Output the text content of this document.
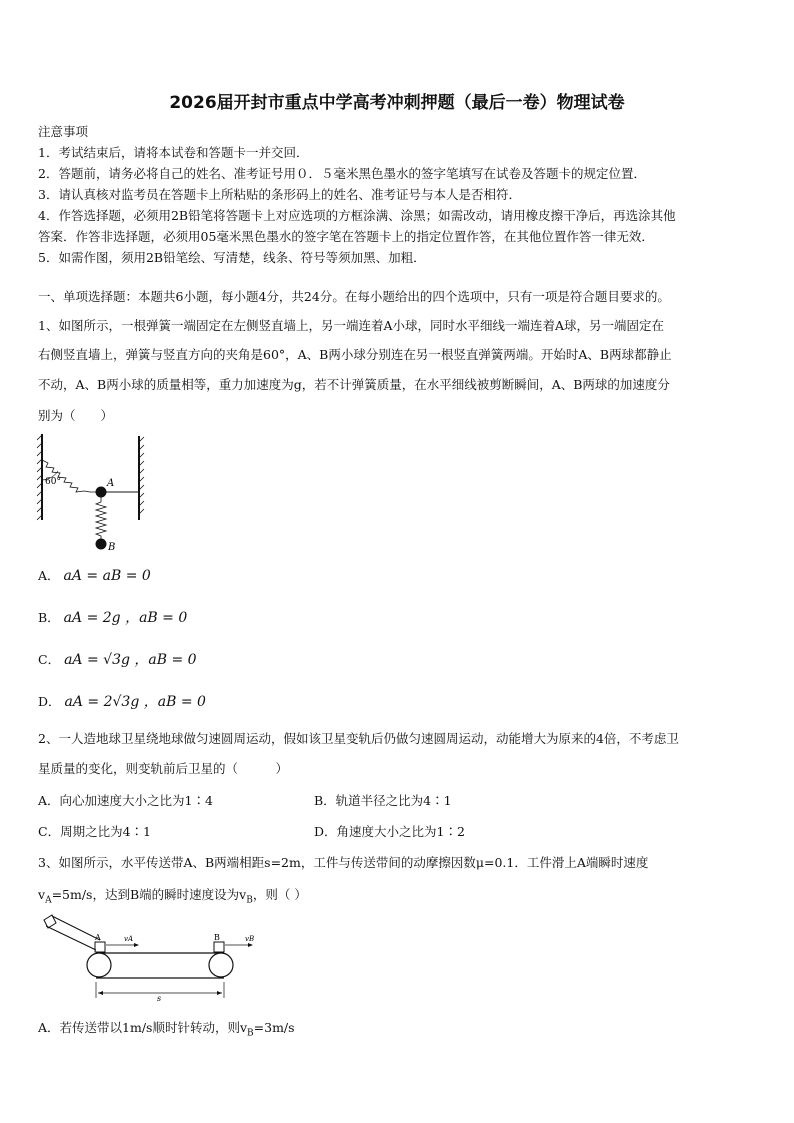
2026届开封市重点中学高考冲刺押题（最后一卷）物理试卷
注意事项
1．考试结束后，请将本试卷和答题卡一并交回．
2．答题前，请务必将自己的姓名、准考证号用０．５毫米黑色墨水的签字笔填写在试卷及答题卡的规定位置．
3．请认真核对监考员在答题卡上所粘贴的条形码上的姓名、准考证号与本人是否相符．
4．作答选择题，必须用2B铅笔将答题卡上对应选项的方框涂满、涂黑；如需改动，请用橡皮擦干净后，再选涂其他
答案．作答非选择题，必须用05毫米黑色墨水的签字笔在答题卡上的指定位置作答，在其他位置作答一律无效．
5．如需作图，须用2B铅笔绘、写清楚，线条、符号等须加黑、加粗．
一、单项选择题：本题共6小题，每小题4分，共24分。在每小题给出的四个选项中，只有一项是符合题目要求的。
1、如图所示，一根弹簧一端固定在左侧竖直墙上，另一端连着A小球，同时水平细线一端连着A球，另一端固定在
右侧竖直墙上，弹簧与竖直方向的夹角是60°，A、B两小球分别连在另一根竖直弹簧两端。开始时A、B两球都静止
不动，A、B两小球的质量相等，重力加速度为g，若不计弹簧质量，在水平细线被剪断瞬间，A、B两球的加速度分
别为（　　）
60°	A
B
A． aA = aB = 0
B． aA = 2g ，aB = 0
C． aA = √3g ，aB = 0
D． aA = 2√3g ，aB = 0
2、一人造地球卫星绕地球做匀速圆周运动，假如该卫星变轨后仍做匀速圆周运动，动能增大为原来的4倍，不考虑卫
星质量的变化，则变轨前后卫星的（　　　）
A．向心加速度大小之比为1∶4	B．轨道半径之比为4∶1
C．周期之比为4∶1	D．角速度大小之比为1∶2
3、如图所示，水平传送带A、B两端相距s=2m，工件与传送带间的动摩擦因数μ=0.1．工件滑上A端瞬时速度
$v_A=5m/s$，达到B端的瞬时速度设为$v_B$，则（ ）
A	vA	B	vB
s
A．若传送带以1m/s顺时针转动，则$v_B=3m/s$
